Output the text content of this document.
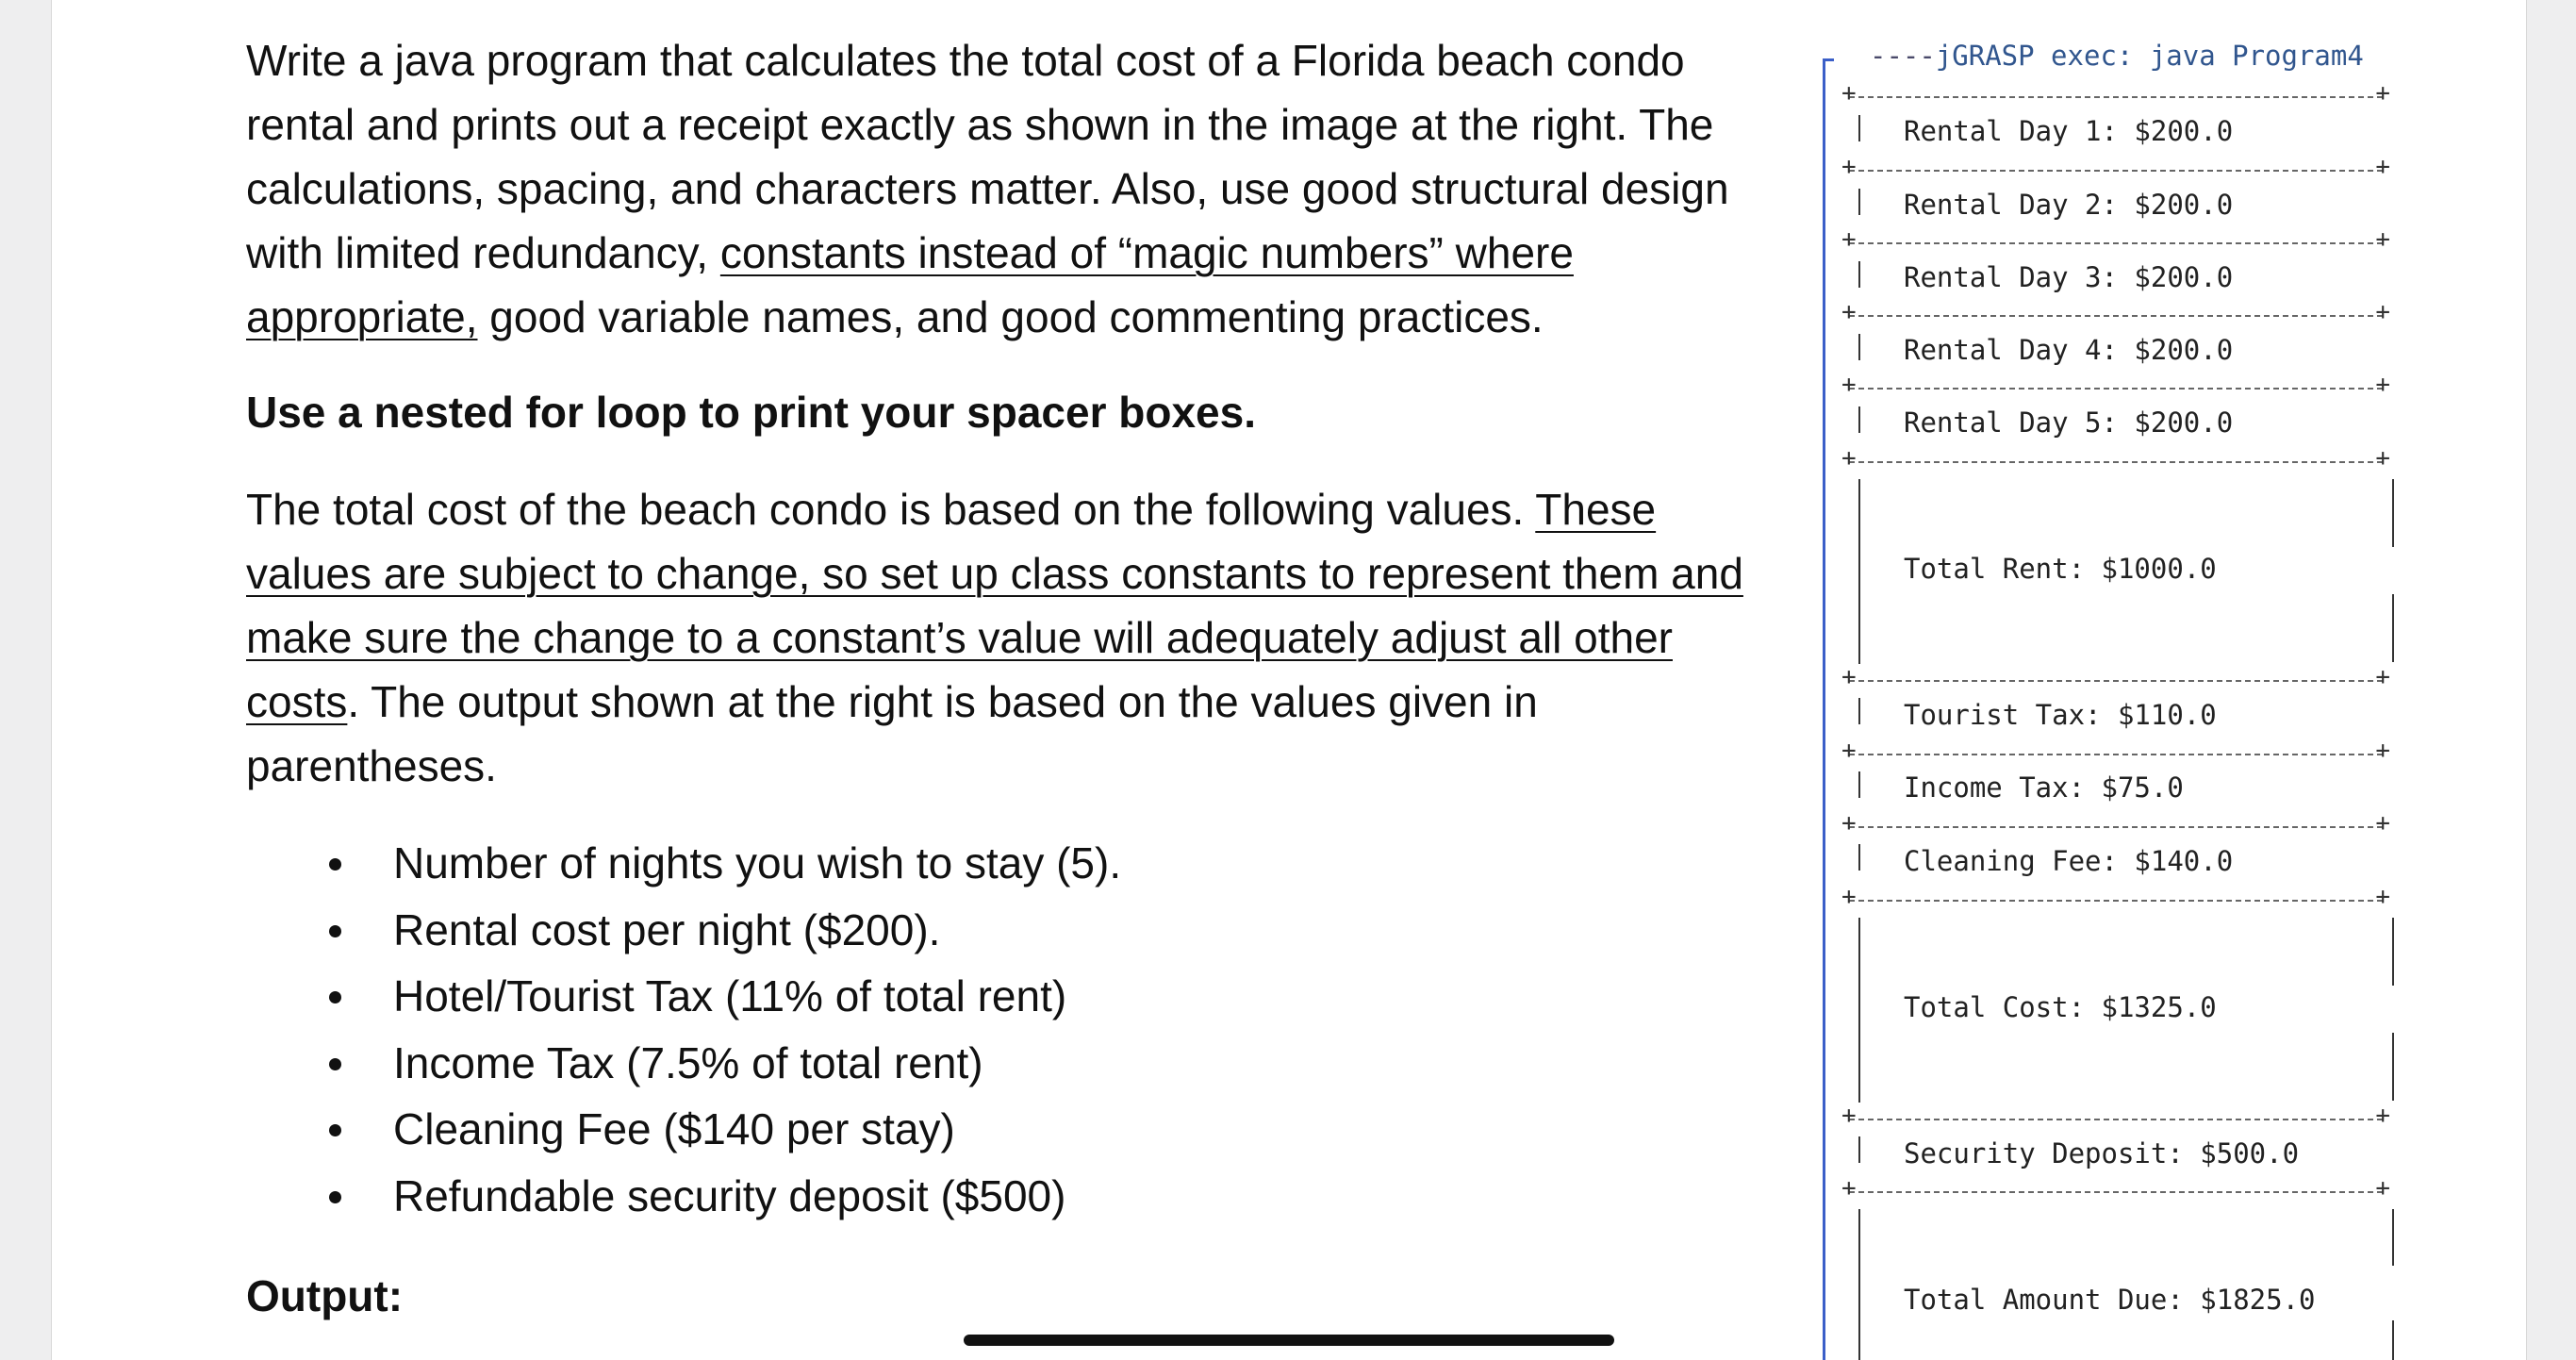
Write a java program that calculates the total cost of a Florida beach condo rental and prints out a receipt exactly as shown in the image at the right. The calculations, spacing, and characters matter. Also, use good structural design with limited redundancy, constants instead of “magic numbers” where appropriate, good variable names, and good commenting practices.

Use a nested for loop to print your spacer boxes.

The total cost of the beach condo is based on the following values. These values are subject to change, so set up class constants to represent them and make sure the change to a constant’s value will adequately adjust all other costs. The output shown at the right is based on the values given in parentheses.

Number of nights you wish to stay (5).
Rental cost per night ($200).
Hotel/Tourist Tax (11% of total rent)
Income Tax (7.5% of total rent)
Cleaning Fee ($140 per stay)
Refundable security deposit ($500)

Output:

----jGRASP exec: java Program4
+ +
+ +
+ +
+ +
+ +
+ +
+ +
+ +
+ +
+ +
+ +
+ +
Rental Day 1: $200.0
Rental Day 2: $200.0
Rental Day 3: $200.0
Rental Day 4: $200.0
Rental Day 5: $200.0
Total Rent: $1000.0
Tourist Tax: $110.0
Income Tax: $75.0
Cleaning Fee: $140.0
Total Cost: $1325.0
Security Deposit: $500.0
Total Amount Due: $1825.0
